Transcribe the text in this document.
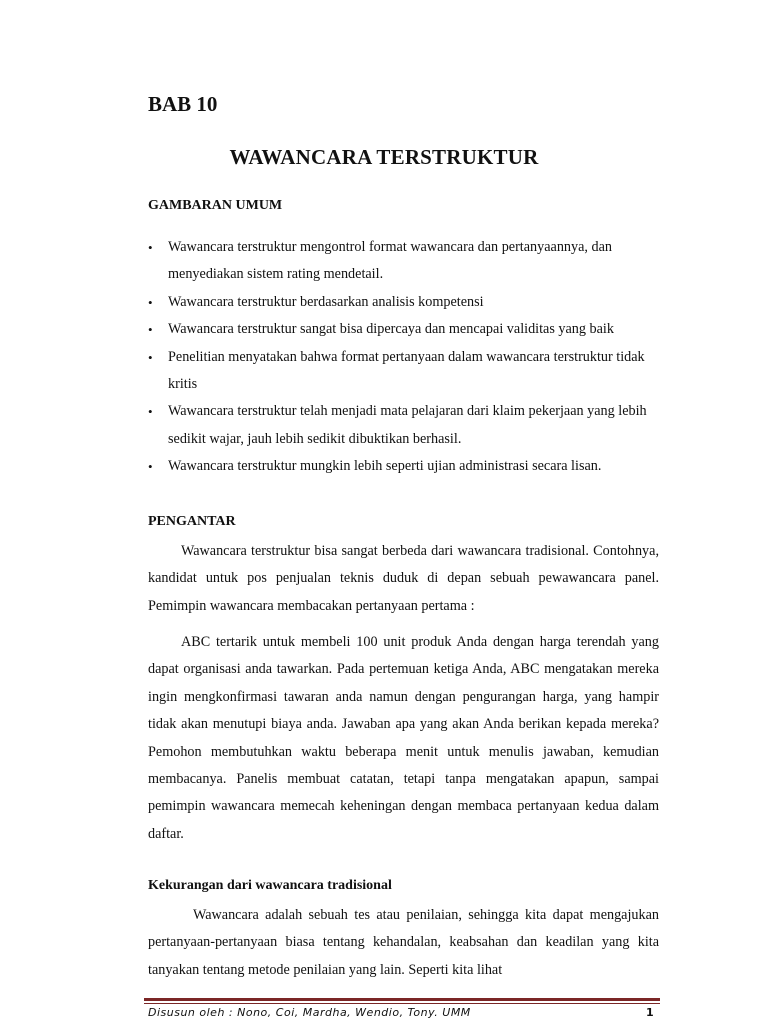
BAB 10
WAWANCARA TERSTRUKTUR
GAMBARAN UMUM
• Wawancara terstruktur mengontrol format wawancara dan pertanyaannya, dan menyediakan sistem rating mendetail.
• Wawancara terstruktur berdasarkan analisis kompetensi
• Wawancara terstruktur sangat bisa dipercaya dan mencapai validitas yang baik
• Penelitian menyatakan bahwa format pertanyaan dalam wawancara terstruktur tidak kritis
• Wawancara terstruktur telah menjadi mata pelajaran dari klaim pekerjaan yang lebih sedikit wajar, jauh lebih sedikit dibuktikan berhasil.
• Wawancara terstruktur mungkin lebih seperti ujian administrasi secara lisan.
PENGANTAR

Wawancara terstruktur bisa sangat berbeda dari wawancara tradisional. Contohnya, kandidat untuk pos penjualan teknis duduk di depan sebuah pewawancara panel. Pemimpin wawancara membacakan pertanyaan pertama :

ABC tertarik untuk membeli 100 unit produk Anda dengan harga terendah yang dapat organisasi anda tawarkan. Pada pertemuan ketiga Anda, ABC mengatakan mereka ingin mengkonfirmasi tawaran anda namun dengan pengurangan harga, yang hampir tidak akan menutupi biaya anda. Jawaban apa yang akan Anda berikan kepada mereka? Pemohon membutuhkan waktu beberapa menit untuk menulis jawaban, kemudian membacanya. Panelis membuat catatan, tetapi tanpa mengatakan apapun, sampai pemimpin wawancara memecah keheningan dengan membaca pertanyaan kedua dalam daftar.

Kekurangan dari wawancara tradisional

Wawancara adalah sebuah tes atau penilaian, sehingga kita dapat mengajukan pertanyaan-pertanyaan biasa tentang kehandalan, keabsahan dan keadilan yang kita tanyakan tentang metode penilaian yang lain. Seperti kita lihat

Disusun oleh : Nono, Coi, Mardha, Wendio, Tony. UMM	1
